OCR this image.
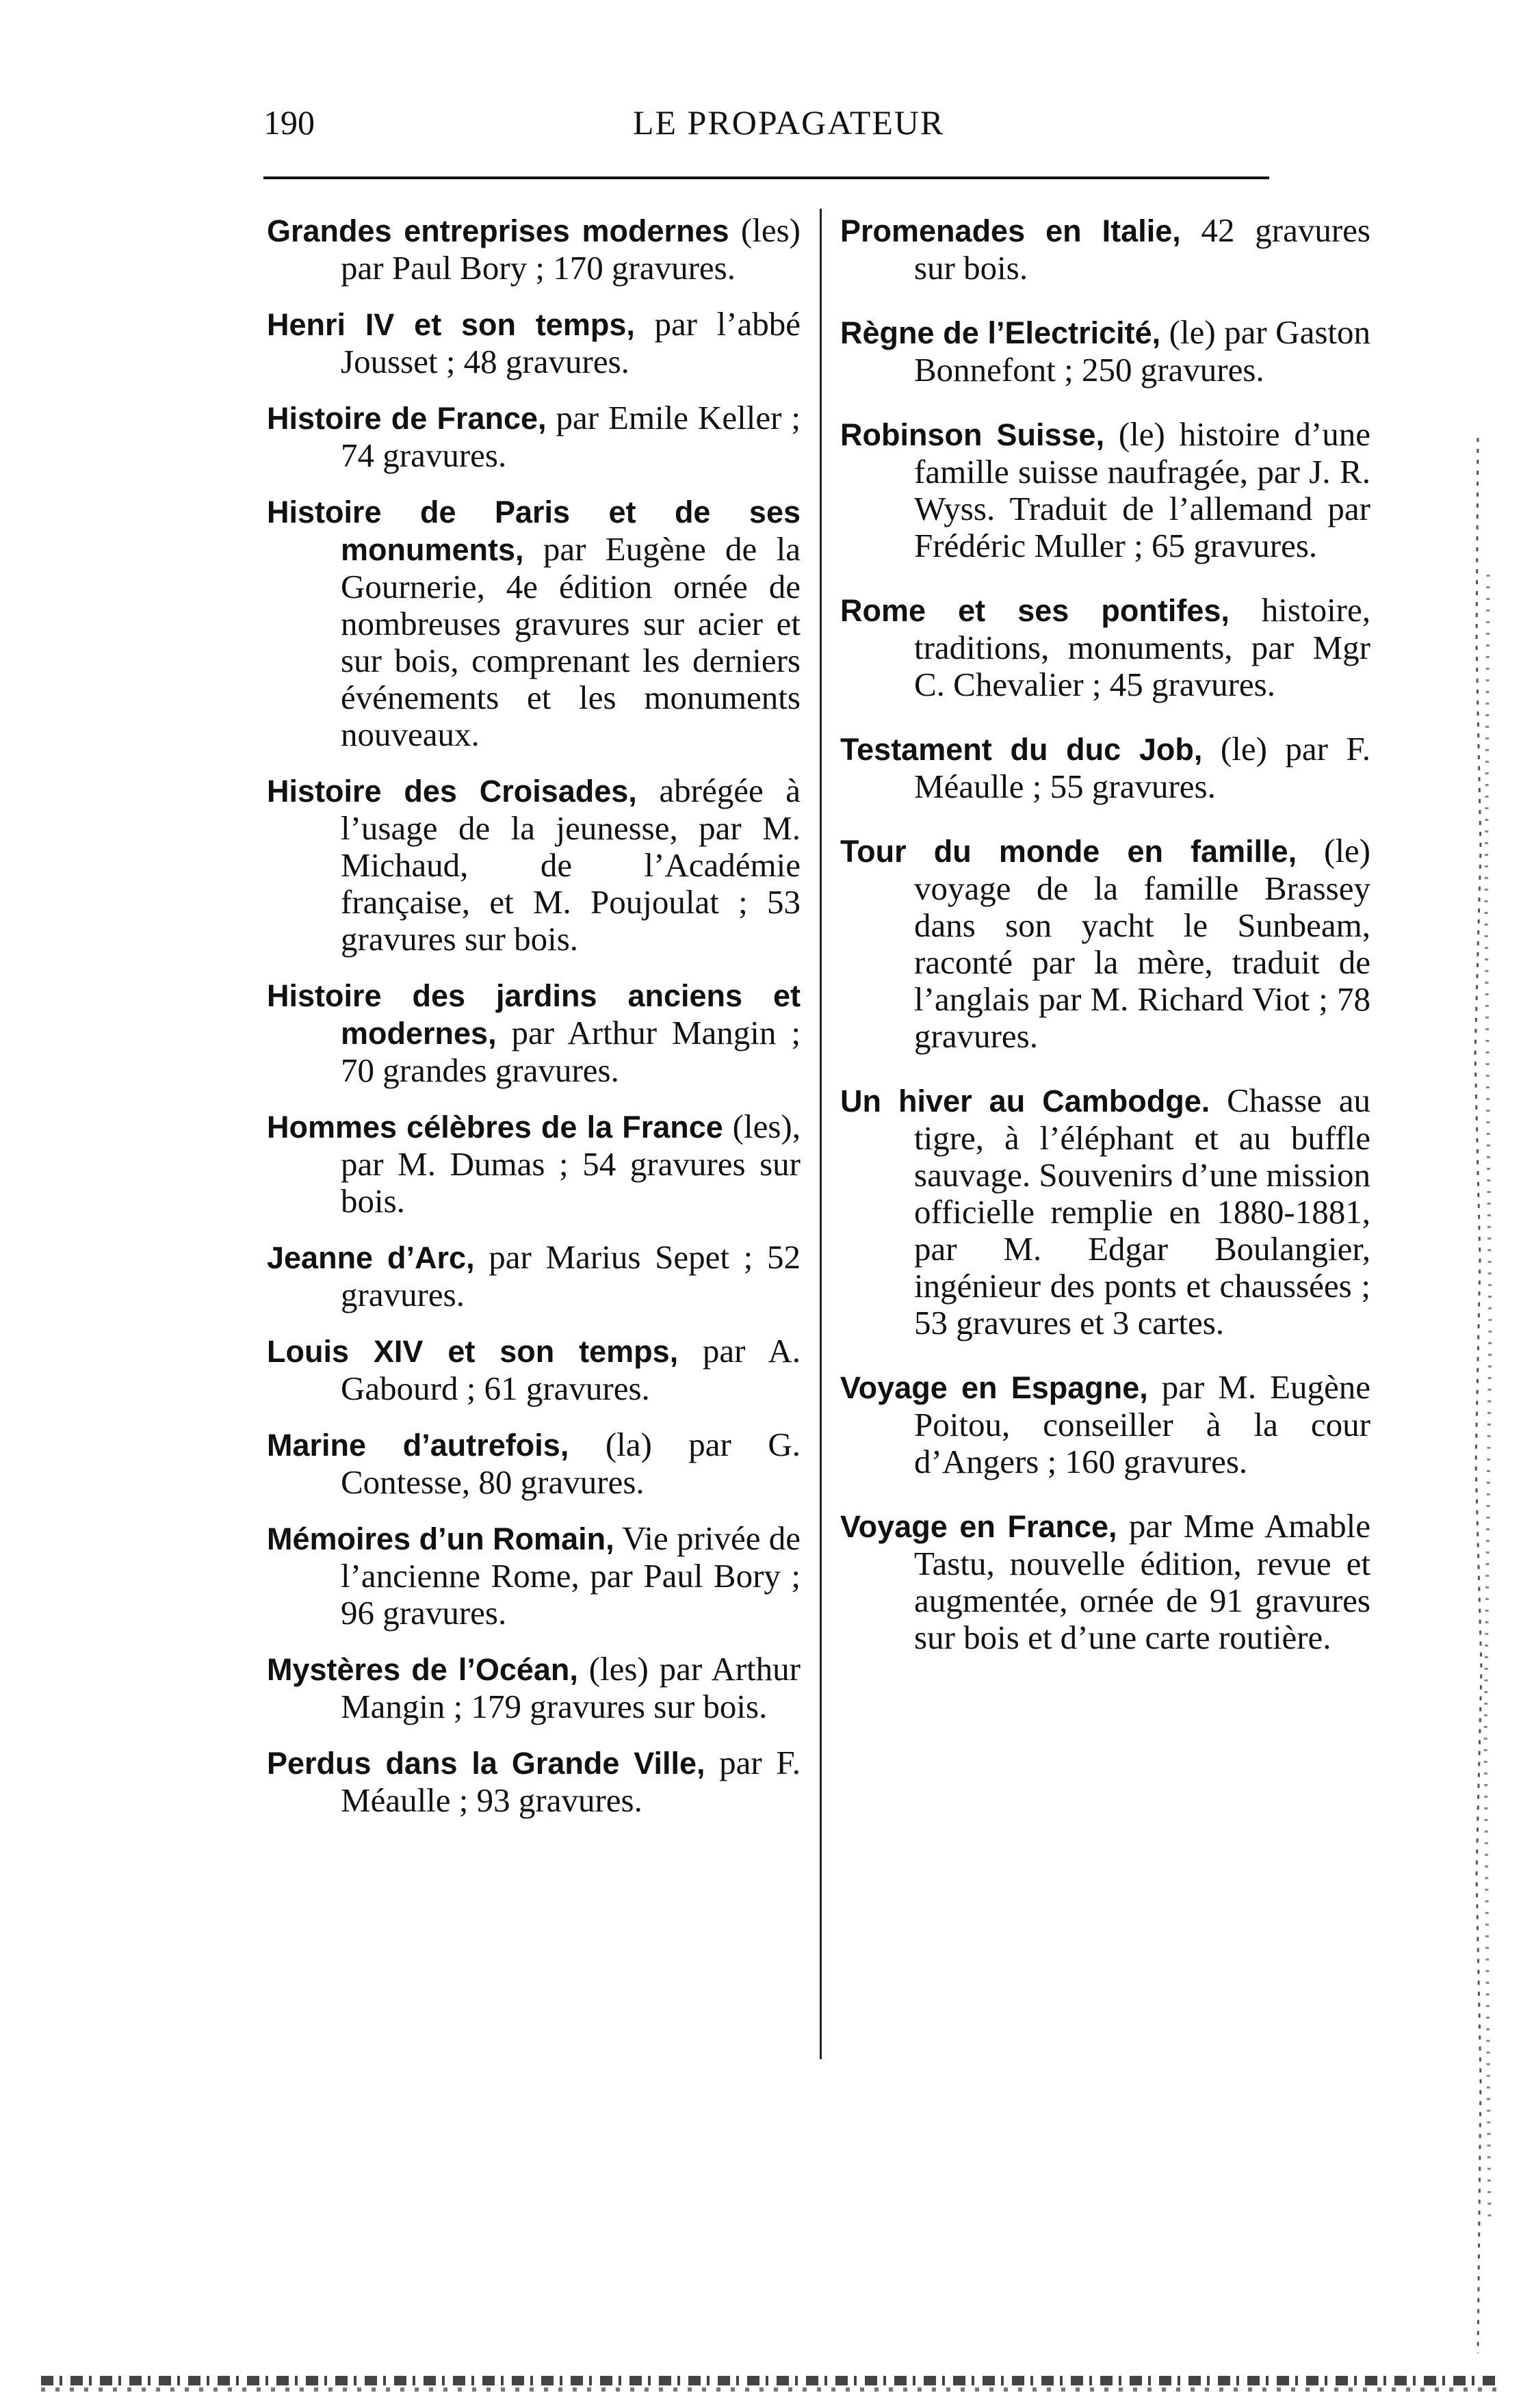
190	LE PROPAGATEUR

Grandes entreprises modernes (les) par Paul Bory ; 170 gravures.

Henri IV et son temps, par l’abbé Jousset ; 48 gravures.

Histoire de France, par Emile Keller ; 74 gravures.

Histoire de Paris et de ses monuments, par Eugène de la Gournerie, 4e édition ornée de nombreuses gravures sur acier et sur bois, comprenant les derniers événements et les monuments nouveaux.

Histoire des Croisades, abrégée à l’usage de la jeunesse, par M. Michaud, de l’Académie française, et M. Poujoulat ; 53 gravures sur bois.

Histoire des jardins anciens et modernes, par Arthur Mangin ; 70 grandes gravures.

Hommes célèbres de la France (les), par M. Dumas ; 54 gravures sur bois.

Jeanne d’Arc, par Marius Sepet ; 52 gravures.

Louis XIV et son temps, par A. Gabourd ; 61 gravures.

Marine d’autrefois, (la) par G. Contesse, 80 gravures.

Mémoires d’un Romain, Vie privée de l’ancienne Rome, par Paul Bory ; 96 gravures.

Mystères de l’Océan, (les) par Arthur Mangin ; 179 gravures sur bois.

Perdus dans la Grande Ville, par F. Méaulle ; 93 gravures.

Promenades en Italie, 42 gravures sur bois.

Règne de l’Electricité, (le) par Gaston Bonnefont ; 250 gravures.

Robinson Suisse, (le) histoire d’une famille suisse naufragée, par J. R. Wyss. Traduit de l’allemand par Frédéric Muller ; 65 gravures.

Rome et ses pontifes, histoire, traditions, monuments, par Mgr C. Chevalier ; 45 gravures.

Testament du duc Job, (le) par F. Méaulle ; 55 gravures.

Tour du monde en famille, (le) voyage de la famille Brassey dans son yacht le Sunbeam, raconté par la mère, traduit de l’anglais par M. Richard Viot ; 78 gravures.

Un hiver au Cambodge. Chasse au tigre, à l’éléphant et au buffle sauvage. Souvenirs d’une mission officielle remplie en 1880-1881, par M. Edgar Boulangier, ingénieur des ponts et chaussées ; 53 gravures et 3 cartes.

Voyage en Espagne, par M. Eugène Poitou, conseiller à la cour d’Angers ; 160 gravures.

Voyage en France, par Mme Amable Tastu, nouvelle édition, revue et augmentée, ornée de 91 gravures sur bois et d’une carte routière.
